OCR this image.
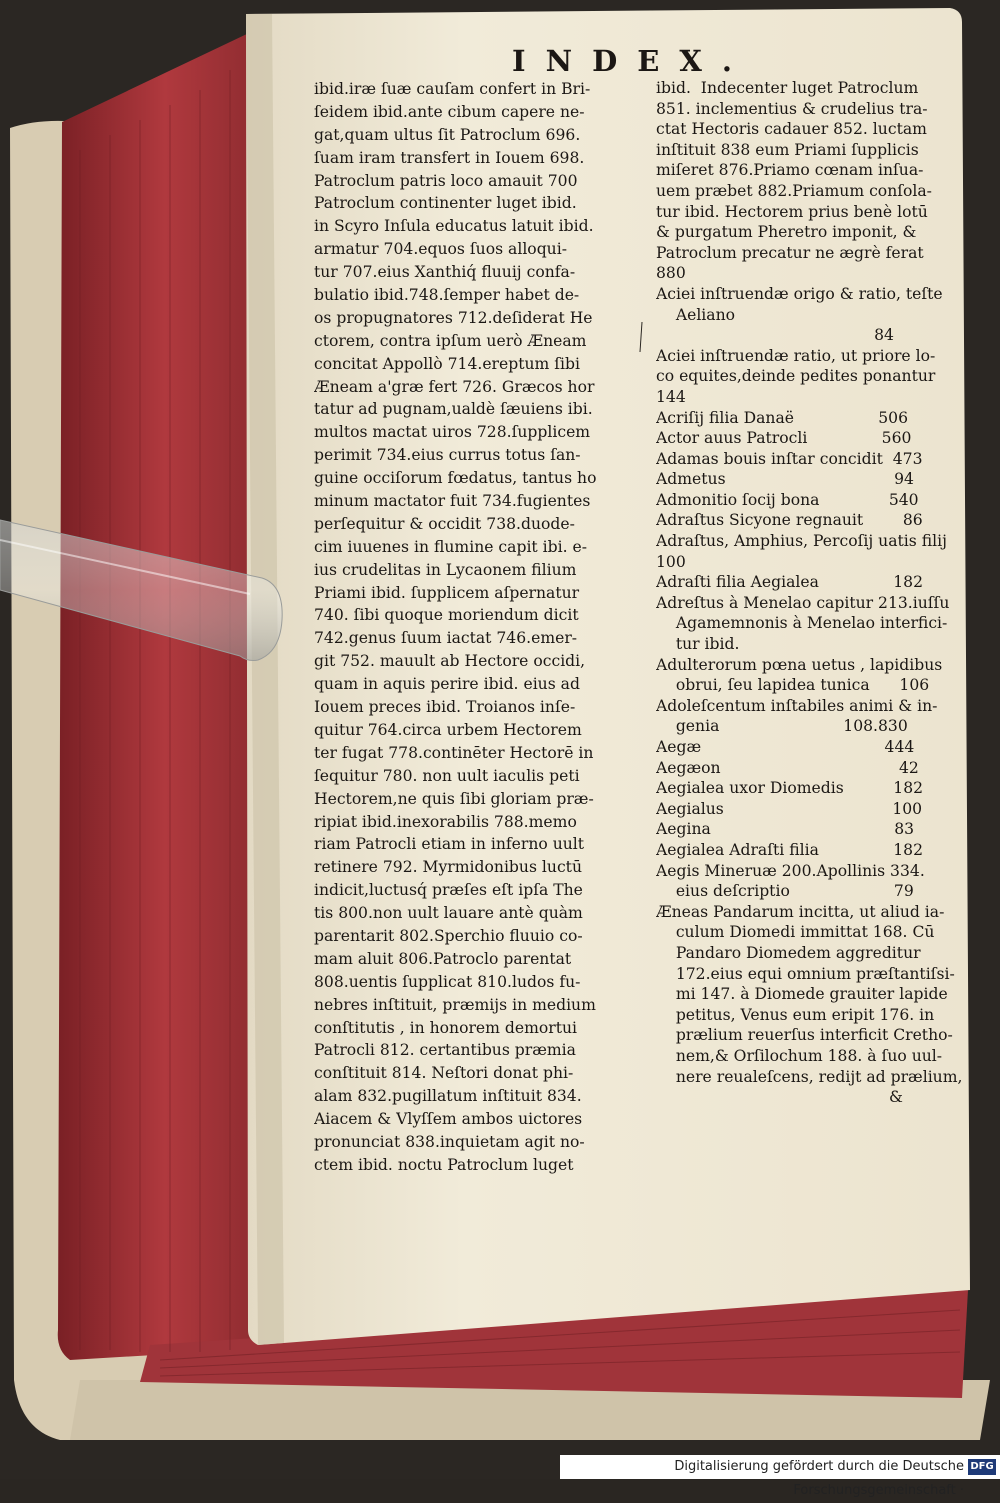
INDEX.
ibid.iræ ſuæ cauſam confert in Bri-
ſeidem ibid.ante cibum capere ne-
gat,quam ultus ſit Patroclum 696.
ſuam iram transfert in Iouem 698.
Patroclum patris loco amauit 700
Patroclum continenter luget ibid.
in Scyro Inſula educatus latuit ibid.
armatur 704.equos ſuos alloqui-
tur 707.eius Xanthiq́ fluuij confa-
bulatio ibid.748.ſemper habet de-
os propugnatores 712.deſiderat He
ctorem, contra ipſum uerò Æneam
concitat Appollò 714.ereptum ſibi
Æneam a'græ fert 726. Græcos hor
tatur ad pugnam,ualdè ſæuiens ibi.
multos mactat uiros 728.ſupplicem
perimit 734.eius currus totus ſan-
guine occiſorum fœdatus, tantus ho
minum mactator fuit 734.fugientes
perſequitur & occidit 738.duode-
cim iuuenes in flumine capit ibi. e-
ius crudelitas in Lycaonem filium
Priami ibid. ſupplicem aſpernatur
740. ſibi quoque moriendum dicit
742.genus ſuum iactat 746.emer-
git 752. mauult ab Hectore occidi,
quam in aquis perire ibid. eius ad
Iouem preces ibid. Troianos inſe-
quitur 764.circa urbem Hectorem
ter fugat 778.continēter Hectorē in
ſequitur 780. non uult iaculis peti
Hectorem,ne quis ſibi gloriam præ-
ripiat ibid.inexorabilis 788.memo
riam Patrocli etiam in inferno uult
retinere 792. Myrmidonibus luctū
indicit,luctusq́ præſes eſt ipſa The
tis 800.non uult lauare antè quàm
parentarit 802.Sperchio fluuio co-
mam aluit 806.Patroclo parentat
808.uentis ſupplicat 810.ludos fu-
nebres inſtituit, præmijs in medium
conſtitutis , in honorem demortui
Patrocli 812. certantibus præmia
conſtituit 814. Neſtori donat phi-
alam 832.pugillatum inſtituit 834.
Aiacem & Vlyſſem ambos uictores
pronunciat 838.inquietam agit no-
ctem ibid. noctu Patroclum luget
ibid.  Indecenter luget Patroclum
851. inclementius & crudelius tra-
ctat Hectoris cadauer 852. luctam
inſtituit 838 eum Priami ſupplicis
miſeret 876.Priamo cœnam inſua-
uem præbet 882.Priamum conſola-
tur ibid. Hectorem prius benè lotū
& purgatum Pheretro imponit, &
Patroclum precatur ne ægrè ferat
880
Aciei inſtruendæ origo & ratio, teſte
Aeliano
84
Aciei inſtruendæ ratio, ut priore lo-
co equites,deinde pedites ponantur
144
Acriſij filia Danaë                 506
Actor auus Patrocli               560
Adamas bouis inſtar concidit  473
Admetus                                  94
Admonitio ſocij bona              540
Adraſtus Sicyone regnauit        86
Adraſtus, Amphius, Percoſij uatis filij
100
Adraſti filia Aegialea               182
Adreſtus à Menelao capitur 213.iuſſu
Agamemnonis à Menelao interfici-
tur ibid.
Adulterorum pœna uetus , lapidibus
obrui, ſeu lapidea tunica      106
Adoleſcentum inſtabiles animi & in-
genia                         108.830
Aegæ                                     444
Aegæon                                    42
Aegialea uxor Diomedis          182
Aegialus                                  100
Aegina                                     83
Aegialea Adraſti filia               182
Aegis Mineruæ 200.Apollinis 334.
eius deſcriptio                     79
Æneas Pandarum incitta, ut aliud ia-
culum Diomedi immittat 168. Cū
Pandaro Diomedem aggreditur
172.eius equi omnium præſtantiſsi-
mi 147. à Diomede grauiter lapide
petitus, Venus eum eripit 176. in
prælium reuerſus interficit Cretho-
nem,& Orſilochum 188. à ſuo uul-
nere reualeſcens, redijt ad prælium,
&
Digitalisierung gefördert durch die Deutsche Forschungsgemeinschaft ·
DFG
